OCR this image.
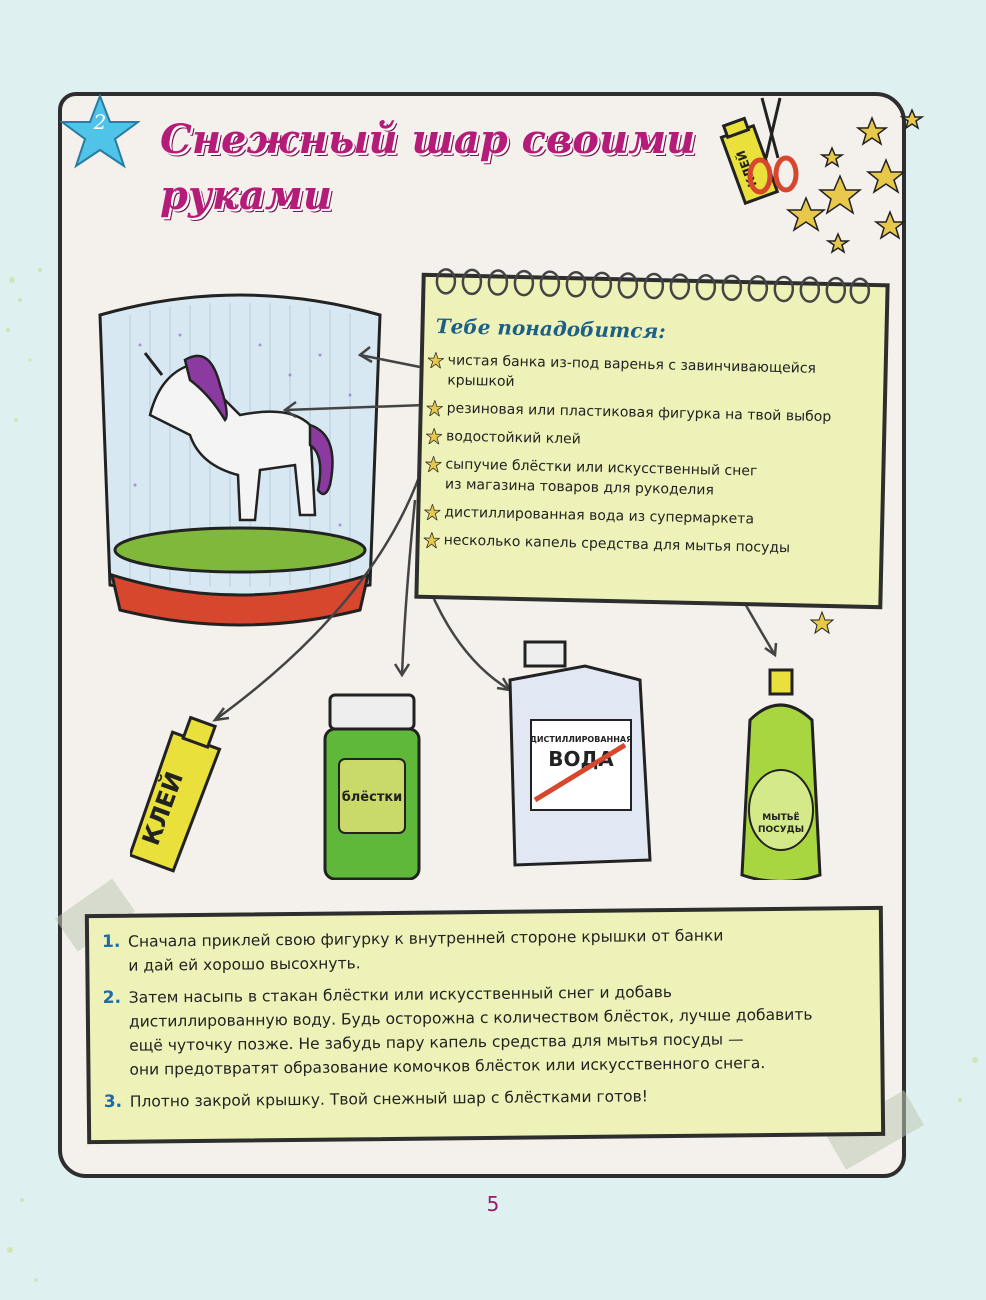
2	Снежный шар своими
руками
КЛЕЙ
Тебе понадобится:
чистая банка из-под варенья с завинчивающейся
крышкой
резиновая или пластиковая фигурка на твой выбор
водостойкий клей
сыпучие блёстки или искусственный снег
из магазина товаров для рукоделия
дистиллированная вода из супермаркета
несколько капель средства для мытья посуды
КЛЕЙ	блёстки
ДИСТИЛЛИРОВАННАЯ
ВОДА
МЫТЬЁ
ПОСУДЫ
1. Сначала приклей свою фигурку к внутренней стороне крышки от банки
и дай ей хорошо высохнуть.
2. Затем насыпь в стакан блёстки или искусственный снег и добавь
дистиллированную воду. Будь осторожна с количеством блёсток, лучше добавить
ещё чуточку позже. Не забудь пару капель средства для мытья посуды —
они предотвратят образование комочков блёсток или искусственного снега.
3. Плотно закрой крышку. Твой снежный шар с блёстками готов!
5
